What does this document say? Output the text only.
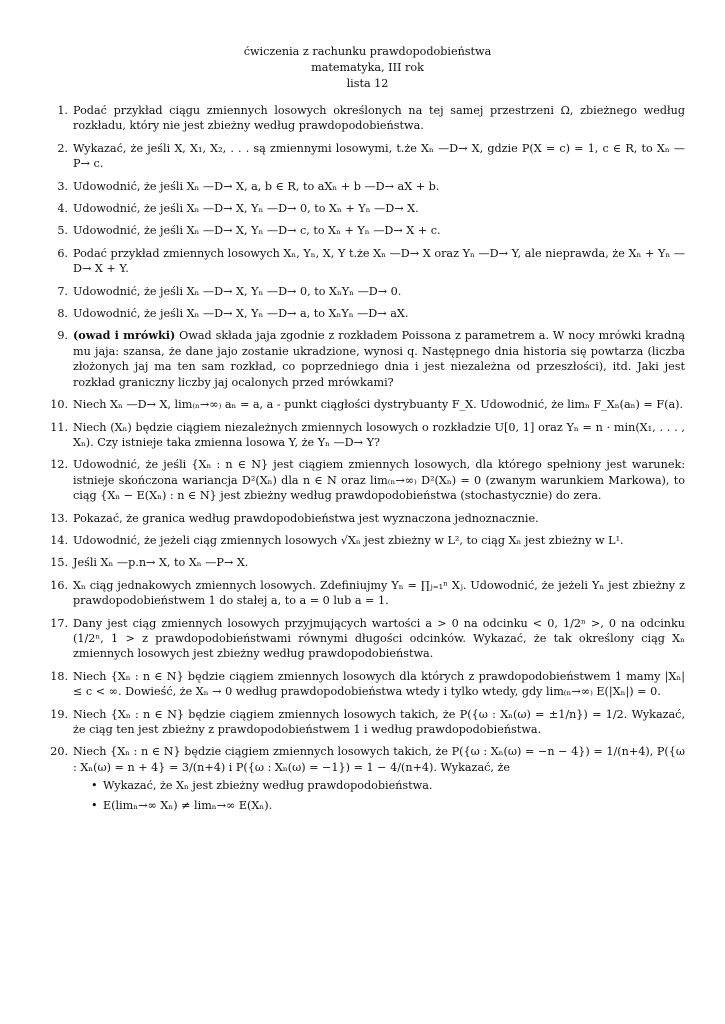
ćwiczenia z rachunku prawdopodobieństwa
matematyka, III rok
lista 12
1. Podać przykład ciągu zmiennych losowych określonych na tej samej przestrzeni Ω, zbieżnego według rozkładu, który nie jest zbieżny według prawdopodobieństwa.
2. Wykazać, że jeśli X, X₁, X₂, . . . są zmiennymi losowymi, t.że Xₙ —D→ X, gdzie P(X = c) = 1, c ∈ R, to Xₙ —P→ c.
3. Udowodnić, że jeśli Xₙ —D→ X, a, b ∈ R, to aXₙ + b —D→ aX + b.
4. Udowodnić, że jeśli Xₙ —D→ X, Yₙ —D→ 0, to Xₙ + Yₙ —D→ X.
5. Udowodnić, że jeśli Xₙ —D→ X, Yₙ —D→ c, to Xₙ + Yₙ —D→ X + c.
6. Podać przykład zmiennych losowych Xₙ, Yₙ, X, Y t.że Xₙ —D→ X oraz Yₙ —D→ Y, ale nieprawda, że Xₙ + Yₙ —D→ X + Y.
7. Udowodnić, że jeśli Xₙ —D→ X, Yₙ —D→ 0, to XₙYₙ —D→ 0.
8. Udowodnić, że jeśli Xₙ —D→ X, Yₙ —D→ a, to XₙYₙ —D→ aX.
9. (owad i mrówki) Owad składa jaja zgodnie z rozkładem Poissona z parametrem a. W nocy mrówki kradną mu jaja: szansa, że dane jajo zostanie ukradzione, wynosi q. Następnego dnia historia się powtarza (liczba złożonych jaj ma ten sam rozkład, co poprzedniego dnia i jest niezależna od przeszłości), itd. Jaki jest rozkład graniczny liczby jaj ocalonych przed mrówkami?
10. Niech Xₙ —D→ X, lim₍ₙ→∞₎ aₙ = a, a - punkt ciągłości dystrybuanty F_X. Udowodnić, że limₙ F_Xₙ(aₙ) = F(a).
11. Niech (Xₙ) będzie ciągiem niezależnych zmiennych losowych o rozkładzie U[0, 1] oraz Yₙ = n · min(X₁, . . . , Xₙ). Czy istnieje taka zmienna losowa Y, że Yₙ —D→ Y?
12. Udowodnić, że jeśli {Xₙ : n ∈ N} jest ciągiem zmiennych losowych, dla którego spełniony jest warunek: istnieje skończona wariancja D²(Xₙ) dla n ∈ N oraz lim₍ₙ→∞₎ D²(Xₙ) = 0 (zwanym warunkiem Markowa), to ciąg {Xₙ − E(Xₙ) : n ∈ N} jest zbieżny według prawdopodobieństwa (stochastycznie) do zera.
13. Pokazać, że granica według prawdopodobieństwa jest wyznaczona jednoznacznie.
14. Udowodnić, że jeżeli ciąg zmiennych losowych √Xₙ jest zbieżny w L², to ciąg Xₙ jest zbieżny w L¹.
15. Jeśli Xₙ —p.n→ X, to Xₙ —P→ X.
16. Xₙ ciąg jednakowych zmiennych losowych. Zdefiniujmy Yₙ = ∏ⱼ₌₁ⁿ Xⱼ. Udowodnić, że jeżeli Yₙ jest zbieżny z prawdopodobieństwem 1 do stałej a, to a = 0 lub a = 1.
17. Dany jest ciąg zmiennych losowych przyjmujących wartości a > 0 na odcinku < 0, 1/2ⁿ >, 0 na odcinku (1/2ⁿ, 1 > z prawdopodobieństwami równymi długości odcinków. Wykazać, że tak określony ciąg Xₙ zmiennych losowych jest zbieżny według prawdopodobieństwa.
18. Niech {Xₙ : n ∈ N} będzie ciągiem zmiennych losowych dla których z prawdopodobieństwem 1 mamy |Xₙ| ≤ c < ∞. Dowieść, że Xₙ → 0 według prawdopodobieństwa wtedy i tylko wtedy, gdy lim₍ₙ→∞₎ E(|Xₙ|) = 0.
19. Niech {Xₙ : n ∈ N} będzie ciągiem zmiennych losowych takich, że P({ω : Xₙ(ω) = ±1/n}) = 1/2. Wykazać, że ciąg ten jest zbieżny z prawdopodobieństwem 1 i według prawdopodobieństwa.
20. Niech {Xₙ : n ∈ N} będzie ciągiem zmiennych losowych takich, że P({ω : Xₙ(ω) = −n − 4}) = 1/(n+4), P({ω : Xₙ(ω) = n + 4} = 3/(n+4) i P({ω : Xₙ(ω) = −1}) = 1 − 4/(n+4). Wykazać, że
• Wykazać, że Xₙ jest zbieżny według prawdopodobieństwa.
• E(limₙ→∞ Xₙ) ≠ limₙ→∞ E(Xₙ).
